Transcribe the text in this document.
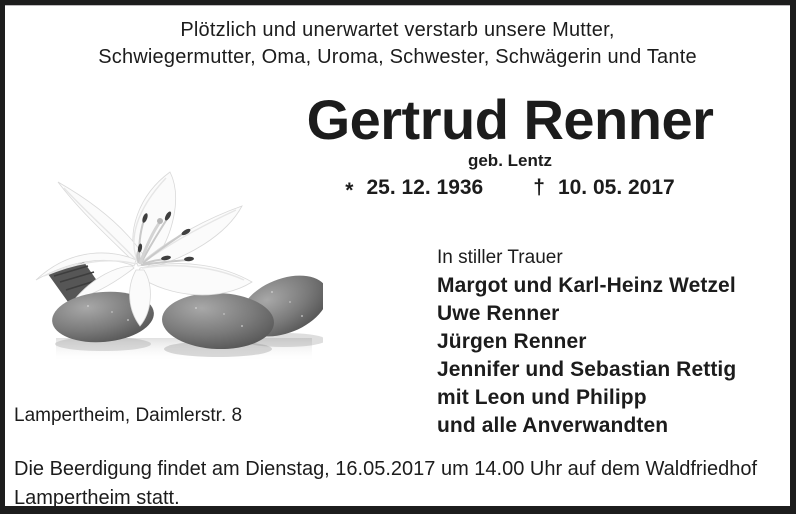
Plötzlich und unerwartet verstarb unsere Mutter,
Schwiegermutter, Oma, Uroma, Schwester, Schwägerin und Tante
Gertrud Renner
geb. Lentz
* 25. 12. 1936 † 10. 05. 2017
In stiller Trauer
Margot und Karl-Heinz Wetzel
Uwe Renner
Jürgen Renner
Jennifer und Sebastian Rettig
mit Leon und Philipp
und alle Anverwandten
Lampertheim, Daimlerstr. 8
Die Beerdigung findet am Dienstag, 16.05.2017 um 14.00 Uhr auf dem Waldfriedhof
Lampertheim statt.
